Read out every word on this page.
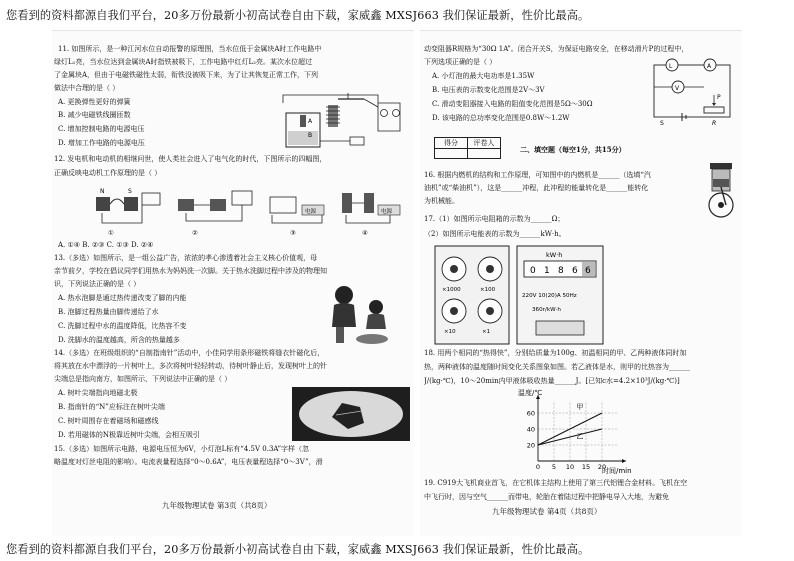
您看到的资料都源自我们平台，20多万份最新小初高试卷自由下载，家威鑫 MXSJ663 我们保证最新，性价比最高。
11. 如图所示，是一种江河水位自动报警的原理图，当水位低于金属块A时工作电路中
绿灯L₁亮，当水位达到金属块A时指铁被吸下，工作电路中红灯L₂亮。某次水位超过
了金属块A，但由于电磁铁磁性太弱，衔铁没被吸下来，为了让其恢复正常工作，下列
做法中合理的是（ ）
A. 更换弹性更好的弹簧
B. 减少电磁铁线圈匝数
C. 增加控制电路的电源电压
D. 增加工作电路的电源电压
A
B
12. 发电机和电动机的相继问世，使人类社会进入了电气化的时代，下图所示的四幅图，
正确反映电动机工作原理的是（ ）
N	S
电源	电源
①	②	③	④
A. ①④ B. ②③ C. ①③ D. ②④
13.（多选）如图所示，是一组公益广告，浓浓的孝心渗透着社会主义核心价值观，母
亲节前夕，学校在倡议同学们用热水为妈妈洗一次脚。关于热水洗脚过程中涉及的物理知
识，下列说法正确的是（ ）
A. 热水泡脚是通过热传递改变了脚的内能
B. 泡脚过程热量由脚传递给了水
C. 洗脚过程中水的温度降低，比热容不变
D. 洗脚水的温度越高，所含的热量越多
14.（多选）在班级组织的“自制指南针”活动中，小佳同学用条形磁铁将缝衣针磁化后，
将其放在水中漂浮的一片树叶上，多次将树叶轻轻转动，待树叶静止后，发现树叶上的针
尖端总是指向南方，如图所示，下列说法中正确的是（ ）
A. 树叶尖端指向地磁北极
B. 指南针的“N”应标注在树叶尖端
C. 树叶周围存在着磁场和磁感线
D. 若用磁体的N极靠近树叶尖端，会相互吸引
15.（多选）如图所示电路，电源电压恒为6V，小灯泡L标有“4.5V 0.3A”字样（忽
略温度对灯丝电阻的影响）。电流表量程选择“0～0.6A”，电压表量程选择“0～3V”，滑
九年级物理试卷 第3页（共8页）
动变阻器R规格为“30Ω 1A”。闭合开关S，为保证电路安全，在移动滑片P的过程中，
下列选项正确的是（ ）
A. 小灯泡的最大电功率是1.35W
B. 电压表的示数变化范围是2V～3V
C. 滑动变阻器接入电路的阻值变化范围是5Ω～30Ω
D. 该电路的总功率变化范围是0.8W～1.2W
L	A
V
P
S	R
得分	评卷人

二、填空题（每空1分，共15分）
16. 根据内燃机的结构和工作原理，可知图中的内燃机是______（选填“汽
油机”或“柴油机”），这是______冲程，此冲程的能量转化是______能转化
为机械能。
17.（1）如图所示电阻箱的示数为______Ω；
（2）如图所示电能表的示数为______kW·h。
×1000	×100
×10	×1
kW·h
0 1 8 6 6
220V 10(20)A 50Hz
360r/kW·h
18. 用两个相同的“热得快”，分别给质量为100g、初温相同的甲、乙两种液体同时加
热，两种液体的温度随时间变化关系图象如图。若乙液体是水，则甲的比热容为______
J/(kg·℃)，10～20min内甲液体吸收热量______J。[已知c水=4.2×10³J/(kg·℃)]
20
40
60
0 5 10 15 20
甲
乙
温度/℃
时间/min
19. C919大飞机商业首飞，在它机体主结构上使用了第三代铝锂合金材料。飞机在空
中飞行时，因与空气______而带电，轮胎在着陆过程中把静电导入大地，为避免
九年级物理试卷 第4页（共8页）
您看到的资料都源自我们平台，20多万份最新小初高试卷自由下载，家威鑫 MXSJ663 我们保证最新，性价比最高。
